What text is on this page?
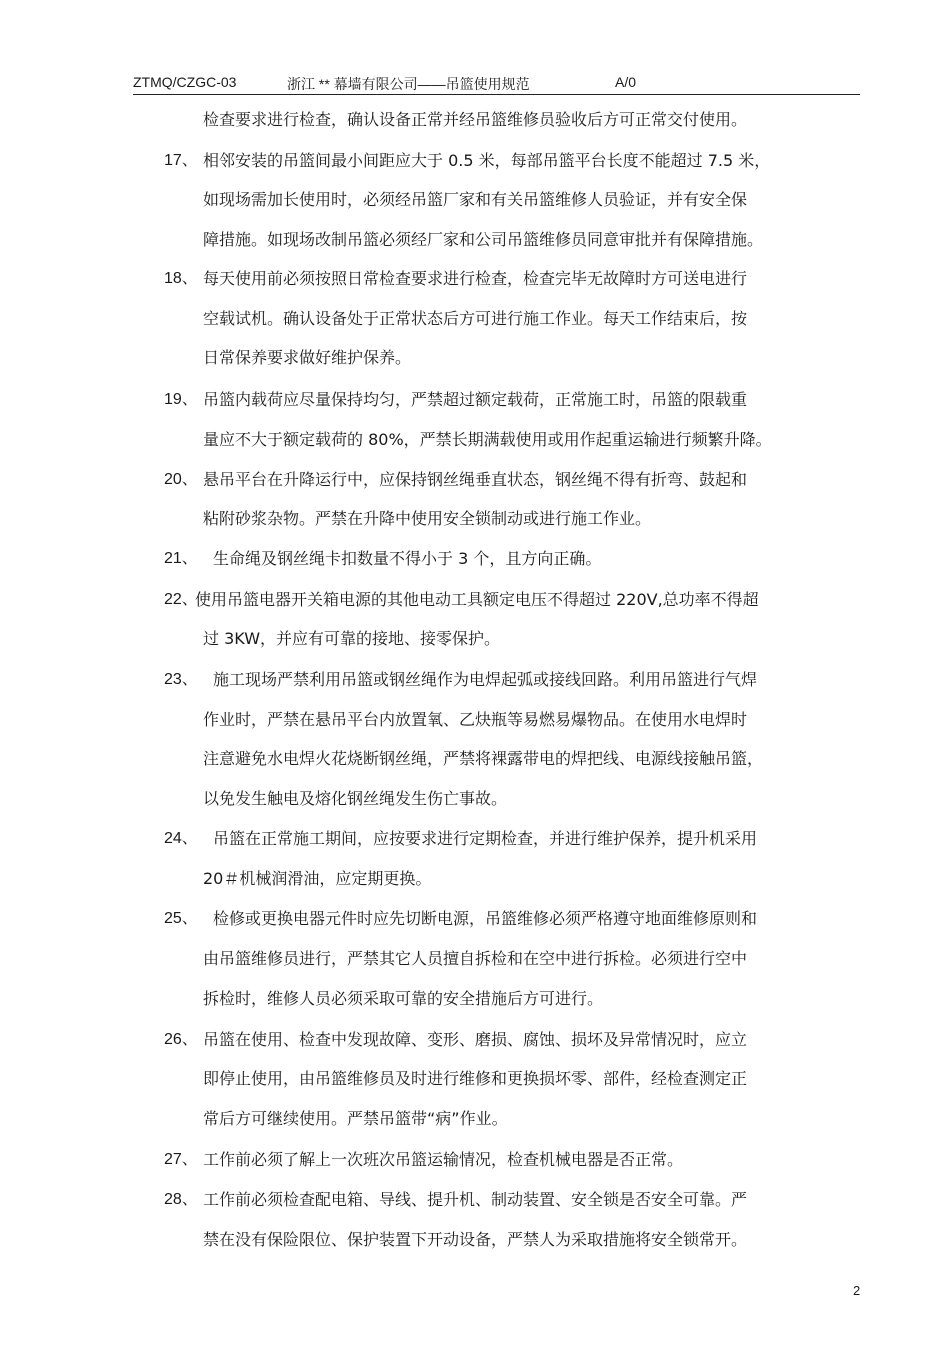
ZTMQ/CZGC-03	浙江 ** 幕墙有限公司——吊篮使用规范	A/0
检查要求进行检查，确认设备正常并经吊篮维修员验收后方可正常交付使用。
17、 相邻安装的吊篮间最小间距应大于 0.5 米，每部吊篮平台长度不能超过 7.5 米，
如现场需加长使用时，必须经吊篮厂家和有关吊篮维修人员验证，并有安全保
障措施。如现场改制吊篮必须经厂家和公司吊篮维修员同意审批并有保障措施。
18、 每天使用前必须按照日常检查要求进行检查，检查完毕无故障时方可送电进行
空载试机。确认设备处于正常状态后方可进行施工作业。每天工作结束后，按
日常保养要求做好维护保养。
19、 吊篮内载荷应尽量保持均匀，严禁超过额定载荷，正常施工时，吊篮的限载重
量应不大于额定载荷的 80%，严禁长期满载使用或用作起重运输进行频繁升降。
20、 悬吊平台在升降运行中，应保持钢丝绳垂直状态，钢丝绳不得有折弯、鼓起和
粘附砂浆杂物。严禁在升降中使用安全锁制动或进行施工作业。
21、 生命绳及钢丝绳卡扣数量不得小于 3 个，且方向正确。
22、
使用吊篮电器开关箱电源的其他电动工具额定电压不得超过 220V,总功率不得超
过 3KW，并应有可靠的接地、接零保护。
23、 施工现场严禁利用吊篮或钢丝绳作为电焊起弧或接线回路。利用吊篮进行气焊
作业时，严禁在悬吊平台内放置氧、乙炔瓶等易燃易爆物品。在使用水电焊时
注意避免水电焊火花烧断钢丝绳，严禁将裸露带电的焊把线、电源线接触吊篮，
以免发生触电及熔化钢丝绳发生伤亡事故。
24、 吊篮在正常施工期间，应按要求进行定期检查，并进行维护保养，提升机采用
20＃机械润滑油，应定期更换。
25、 检修或更换电器元件时应先切断电源，吊篮维修必须严格遵守地面维修原则和
由吊篮维修员进行，严禁其它人员擅自拆检和在空中进行拆检。必须进行空中
拆检时，维修人员必须采取可靠的安全措施后方可进行。
26、 吊篮在使用、检查中发现故障、变形、磨损、腐蚀、损坏及异常情况时，应立
即停止使用，由吊篮维修员及时进行维修和更换损坏零、部件，经检查测定正
常后方可继续使用。严禁吊篮带“病”作业。
27、 工作前必须了解上一次班次吊篮运输情况，检查机械电器是否正常。
28、 工作前必须检查配电箱、导线、提升机、制动装置、安全锁是否安全可靠。严
禁在没有保险限位、保护装置下开动设备，严禁人为采取措施将安全锁常开。
2
